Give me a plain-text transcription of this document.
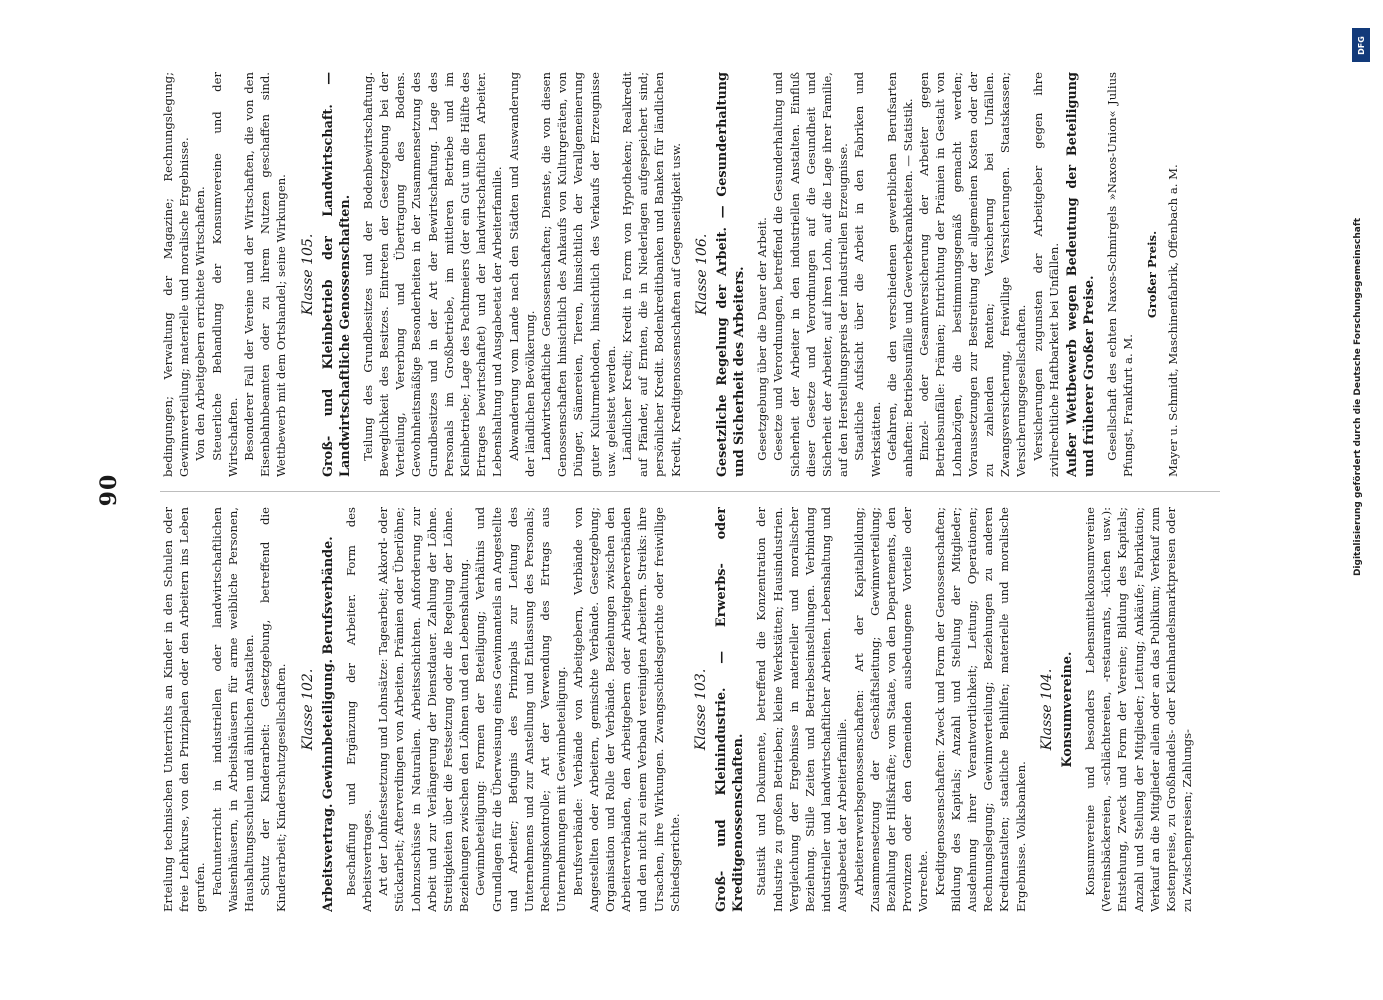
90

Erteilung technischen Unterrichts an Kinder in den Schulen oder freie Lehrkurse, von den Prinzipalen oder den Arbeitern ins Leben gerufen. Fachunterricht in industriellen oder landwirtschaftlichen Waisenhäusern, in Arbeitshäusern für arme weibliche Personen, Haushaltungsschulen und ähnlichen Anstalten. Schutz der Kinderarbeit: Gesetzgebung, betreffend die Kinderarbeit; Kinderschutzgesellschaften. Klasse 102. Arbeitsvertrag. Gewinnbeteiligung. Berufsverbände. Beschaffung und Ergänzung der Arbeiter. Form des Arbeitsvertrages. Art der Lohnfestsetzung und Lohnsätze: Tagearbeit; Akkord- oder Stückarbeit; Afterverdingen von Arbeiten. Prämien oder Überlöhne; Lohnzuschüsse in Naturalien. Arbeitsschichten. Anforderung zur Arbeit und zur Verlängerung der Dienstdauer. Zahlung der Löhne. Streitigkeiten über die Festsetzung oder die Regelung der Löhne. Beziehungen zwischen den Löhnen und den Lebenshaltung. Gewinnbeteiligung: Formen der Beteiligung; Verhältnis und Grundlagen für die Überweisung eines Gewinnanteils an Angestellte und Arbeiter; Befugnis des Prinzipals zur Leitung des Unternehmens und zur Anstellung und Entlassung des Personals; Rechnungskontrolle; Art der Verwendung des Ertrags aus Unternehmungen mit Gewinnbeteiligung. Berufsverbände: Verbände von Arbeitgebern, Verbände von Angestellten oder Arbeitern, gemischte Verbände. Gesetzgebung; Organisation und Rolle der Verbände. Beziehungen zwischen den Arbeiterverbänden, den Arbeitgebern oder Arbeitgeberverbänden und den nicht zu einem Verband vereinigten Arbeitern. Streiks: ihre Ursachen, ihre Wirkungen. Zwangsschiedsgerichte oder freiwillige Schiedsgerichte.

Klasse 103. Groß- und Kleinindustrie. — Erwerbs- oder Kreditgenossenschaften. Statistik und Dokumente, betreffend die Konzentration der Industrie zu großen Betrieben; kleine Werkstätten; Hausindustrien. Vergleichung der Ergebnisse in materieller und moralischer Beziehung. Stille Zeiten und Betriebseinstellungen. Verbindung industrieller und landwirtschaftlicher Arbeiten. Lebenshaltung und Ausgabeetat der Arbeiterfamilie. Arbeitererwerbsgenossenschaften: Art der Kapitalbildung; Zusammensetzung der Geschäftsleitung; Gewinnverteilung; Bezahlung der Hilfskräfte; vom Staate, von den Departements, den Provinzen oder den Gemeinden ausbedungene Vorteile oder Vorrechte. Kreditgenossenschaften: Zweck und Form der Genossenschaften; Bildung des Kapitals; Anzahl und Stellung der Mitglieder; Ausdehnung ihrer Verantwortlichkeit; Leitung; Operationen; Rechnungslegung; Gewinnverteilung; Beziehungen zu anderen Kreditanstalten; staatliche Beihilfen; materielle und moralische Ergebnisse. Volksbanken.

Klasse 104. Konsumvereine. Konsumvereine und besonders Lebensmittelkonsumvereine (Vereinsbäckereien, -schlächtereien, -restaurants, -küchen usw.): Entstehung, Zweck und Form der Vereine; Bildung des Kapitals; Anzahl und Stellung der Mitglieder; Leitung; Ankäufe; Fabrikation; Verkauf an die Mitglieder allein oder an das Publikum; Verkauf zum Kostenpreise, zu Großhandels- oder Kleinhandelsmarktpreisen oder zu Zwischenpreisen; Zahlungs-

bedingungen; Verwaltung der Magazine; Rechnungslegung; Gewinnverteilung; materielle und moralische Ergebnisse. Von den Arbeitgebern errichtete Wirtschaften. Steuerliche Behandlung der Konsumvereine und der Wirtschaften. Besonderer Fall der Vereine und der Wirtschaften, die von den Eisenbahnbeamten oder zu ihrem Nutzen geschaffen sind. Wettbewerb mit dem Ortshandel; seine Wirkungen. Klasse 105. Groß- und Kleinbetrieb der Landwirtschaft. — Landwirtschaftliche Genossenschaften. Teilung des Grundbesitzes und der Bodenbewirtschaftung. Beweglichkeit des Besitzes. Eintreten der Gesetzgebung bei der Verteilung, Vererbung und Übertragung des Bodens. Gewohnheitsmäßige Besonderheiten in der Zusammensetzung des Grundbesitzes und in der Art der Bewirtschaftung. Lage des Personals im Großbetriebe, im mittleren Betriebe und im Kleinbetriebe; Lage des Pachtmeiers (der ein Gut um die Hälfte des Ertrages bewirtschaftet) und der landwirtschaftlichen Arbeiter. Lebenshaltung und Ausgabeetat der Arbeiterfamilie. Abwanderung vom Lande nach den Städten und Auswanderung der ländlichen Bevölkerung. Landwirtschaftliche Genossenschaften; Dienste, die von diesen Genossenschaften hinsichtlich des Ankaufs von Kulturgeräten, von Dünger, Sämereien, Tieren, hinsichtlich der Verallgemeinerung guter Kulturmethoden, hinsichtlich des Verkaufs der Erzeugnisse usw. geleistet werden. Ländlicher Kredit; Kredit in Form von Hypotheken; Realkredit auf Pfänder, auf Ernten, die in Niederlagen aufgespeichert sind; persönlicher Kredit. Bodenkreditbanken und Banken für ländlichen Kredit, Kreditgenossenschaften auf Gegenseitigkeit usw. Klasse 106. Gesetzliche Regelung der Arbeit. — Gesunderhaltung und Sicherheit des Arbeiters. Gesetzgebung über die Dauer der Arbeit. Gesetze und Verordnungen, betreffend die Gesunderhaltung und Sicherheit der Arbeiter in den industriellen Anstalten. Einfluß dieser Gesetze und Verordnungen auf die Gesundheit und Sicherheit der Arbeiter, auf ihren Lohn, auf die Lage ihrer Familie, auf den Herstellungspreis der industriellen Erzeugnisse. Staatliche Aufsicht über die Arbeit in den Fabriken und Werkstätten. Gefahren, die den verschiedenen gewerblichen Berufsarten anhaften: Betriebsunfälle und Gewerbekrankheiten. — Statistik. Einzel- oder Gesamtversicherung der Arbeiter gegen Betriebsunfälle: Prämien; Entrichtung der Prämien in Gestalt von Lohnabzügen, die bestimmungsgemäß gemacht werden; Voraussetzungen zur Bestreitung der allgemeinen Kosten oder der zu zahlenden Renten; Versicherung bei Unfällen. Zwangsversicherung, freiwillige Versicherungen. Staatskassen; Versicherungsgesellschaften. Versicherungen zugunsten der Arbeitgeber gegen ihre zivilrechtliche Haftbarkeit bei Unfällen. Außer Wettbewerb wegen Bedeutung der Beteiligung und früherer Großer Preise. Gesellschaft des echten Naxos-Schmirgels »Naxos-Union« Julius Pfungst, Frankfurt a. M.

Großer Preis. Mayer u. Schmidt, Maschinenfabrik, Offenbach a. M.

DFG
Digitalisierung gefördert durch die Deutsche Forschungsgemeinschaft
